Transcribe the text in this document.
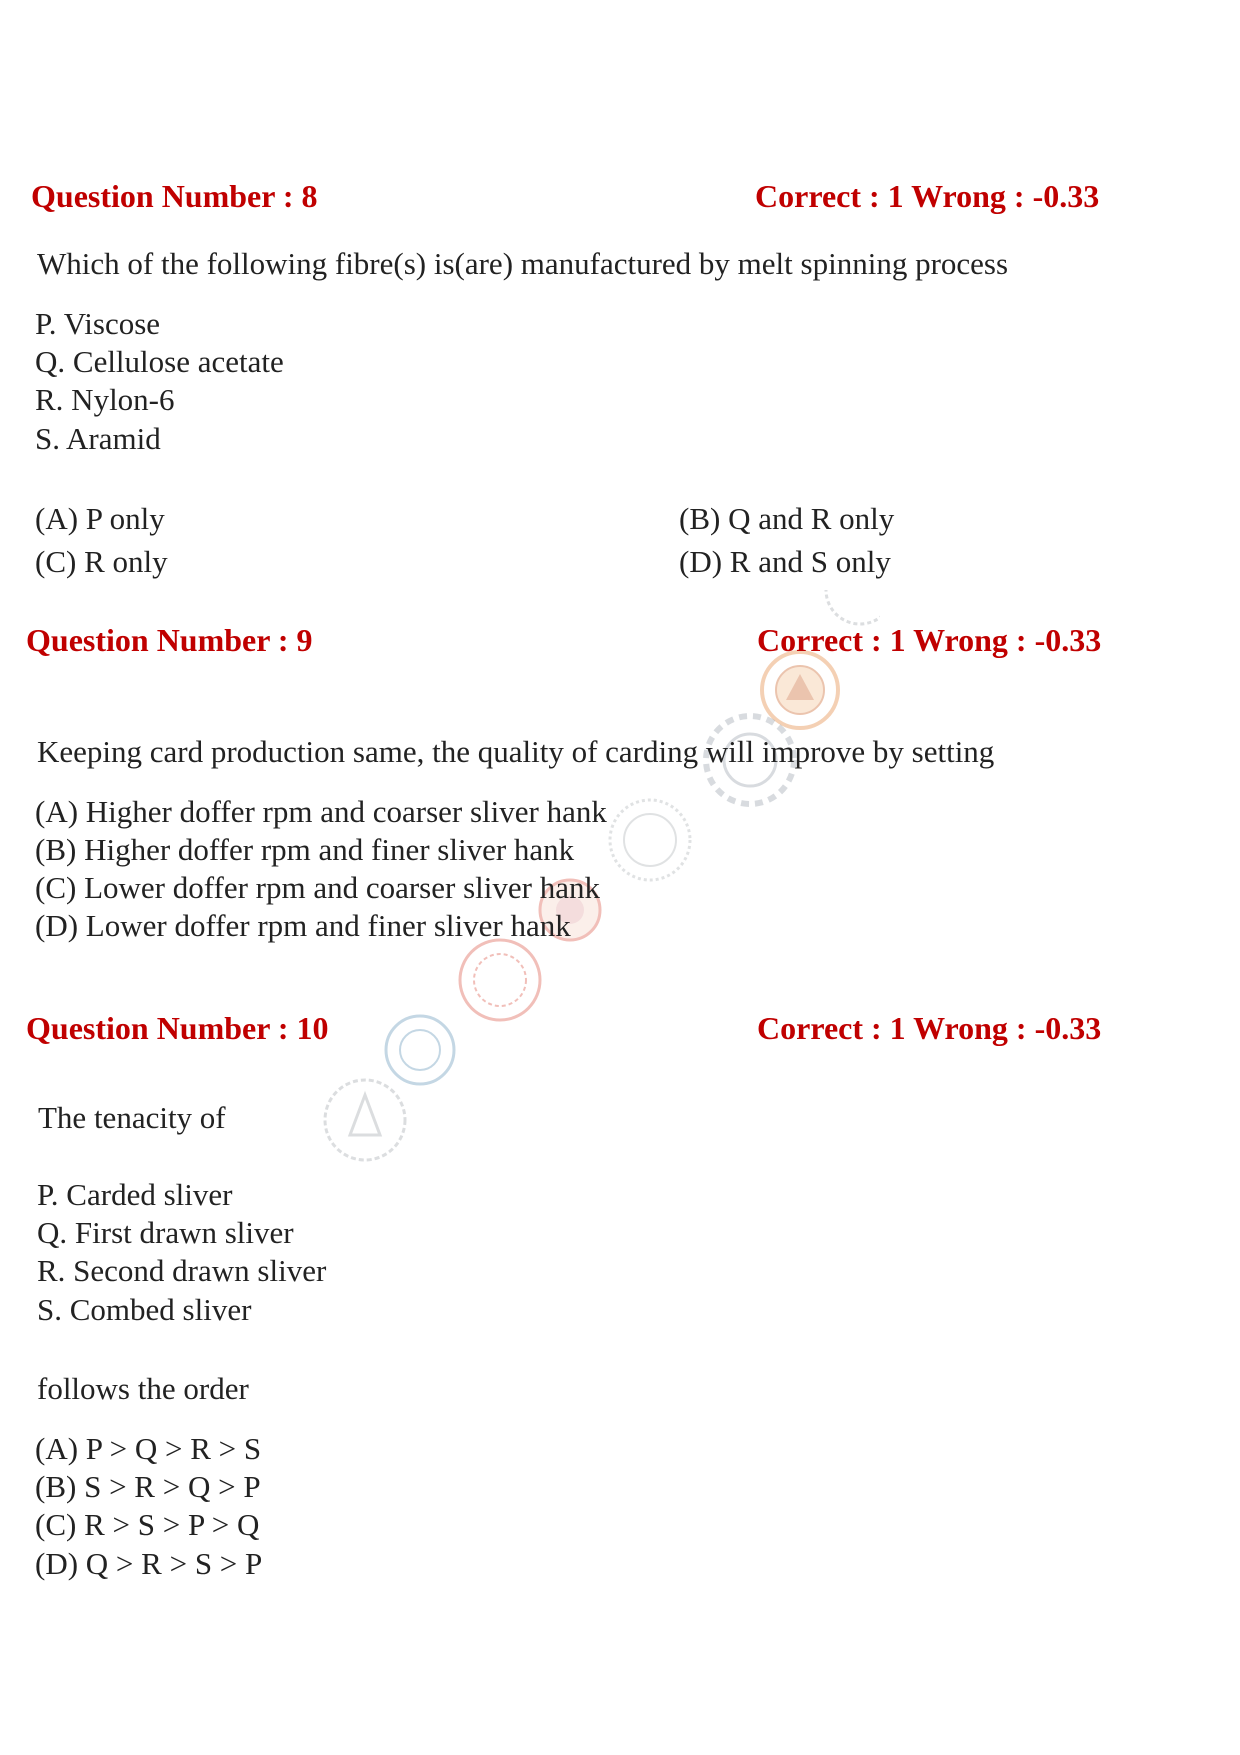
Question Number : 8	Correct : 1 Wrong : -0.33
Which of the following fibre(s) is(are) manufactured by melt spinning process
P. Viscose
Q. Cellulose acetate
R. Nylon-6
S. Aramid
(A) P only	(B) Q and R only
(C) R only	(D) R and S only
Question Number : 9	Correct : 1 Wrong : -0.33
Keeping card production same, the quality of carding will improve by setting
(A) Higher doffer rpm and coarser sliver hank
(B) Higher doffer rpm and finer sliver hank
(C) Lower doffer rpm and coarser sliver hank
(D) Lower doffer rpm and finer sliver hank
Question Number : 10	Correct : 1 Wrong : -0.33
The tenacity of
P. Carded sliver
Q. First drawn sliver
R. Second drawn sliver
S. Combed sliver
follows the order
(A) P > Q > R > S
(B) S > R > Q > P
(C) R > S > P > Q
(D) Q > R > S > P
